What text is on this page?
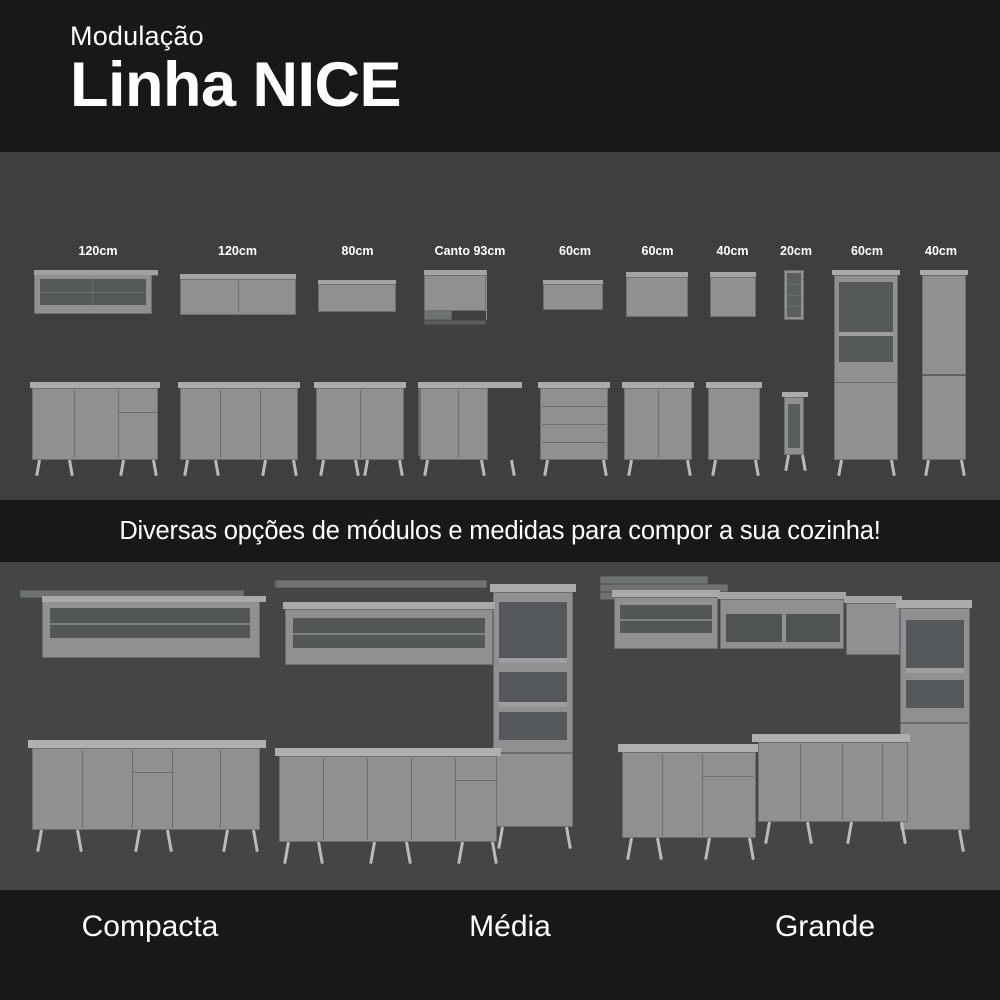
Modulação
Linha NICE
120cm	120cm	80cm	Canto 93cm	60cm	60cm	40cm	20cm	60cm	40cm
Diversas opções de módulos e medidas para compor a sua cozinha!
Compacta	Média	Grande
